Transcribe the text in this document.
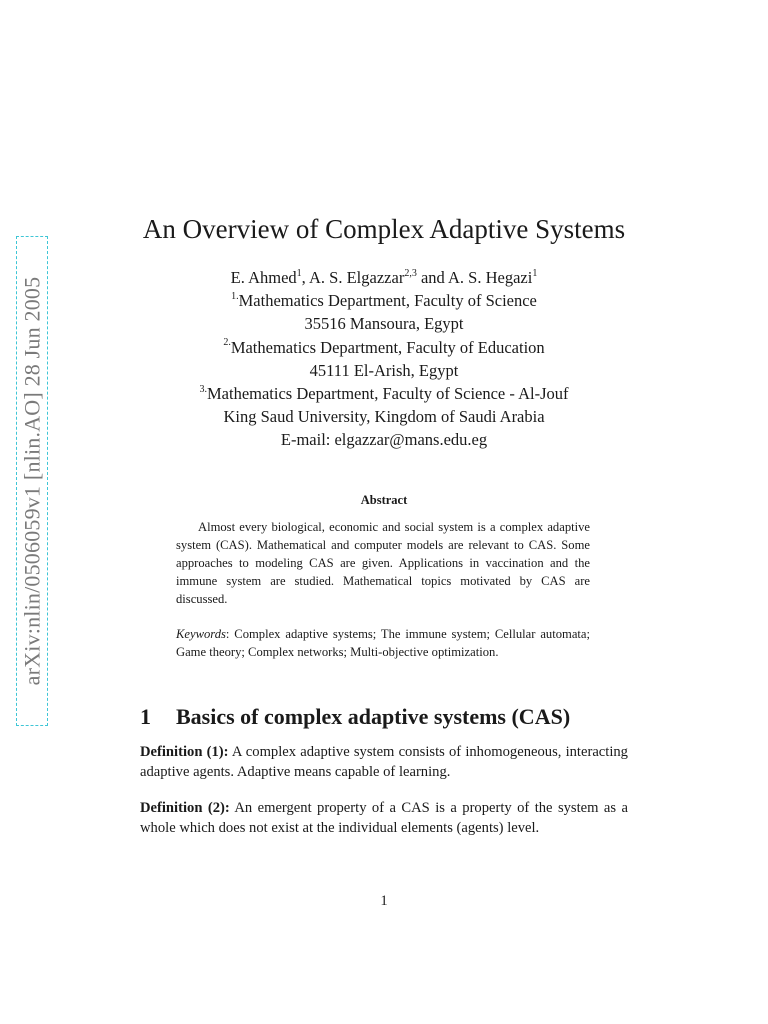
arXiv:nlin/0506059v1 [nlin.AO] 28 Jun 2005
An Overview of Complex Adaptive Systems
E. Ahmed$^1$, A. S. Elgazzar$^{2,3}$ and A. S. Hegazi$^1$
$^{1.}$Mathematics Department, Faculty of Science
35516 Mansoura, Egypt
$^{2.}$Mathematics Department, Faculty of Education
45111 El-Arish, Egypt
$^{3.}$Mathematics Department, Faculty of Science - Al-Jouf
King Saud University, Kingdom of Saudi Arabia
E-mail: elgazzar@mans.edu.eg
Abstract
Almost every biological, economic and social system is a complex adaptive system (CAS). Mathematical and computer models are relevant to CAS. Some approaches to modeling CAS are given. Applications in vaccination and the immune system are studied. Mathematical topics motivated by CAS are discussed.
Keywords: Complex adaptive systems; The immune system; Cellular automata; Game theory; Complex networks; Multi-objective optimization.
1 Basics of complex adaptive systems (CAS)
Definition (1): A complex adaptive system consists of inhomogeneous, interacting adaptive agents. Adaptive means capable of learning.
Definition (2): An emergent property of a CAS is a property of the system as a whole which does not exist at the individual elements (agents) level.
1
